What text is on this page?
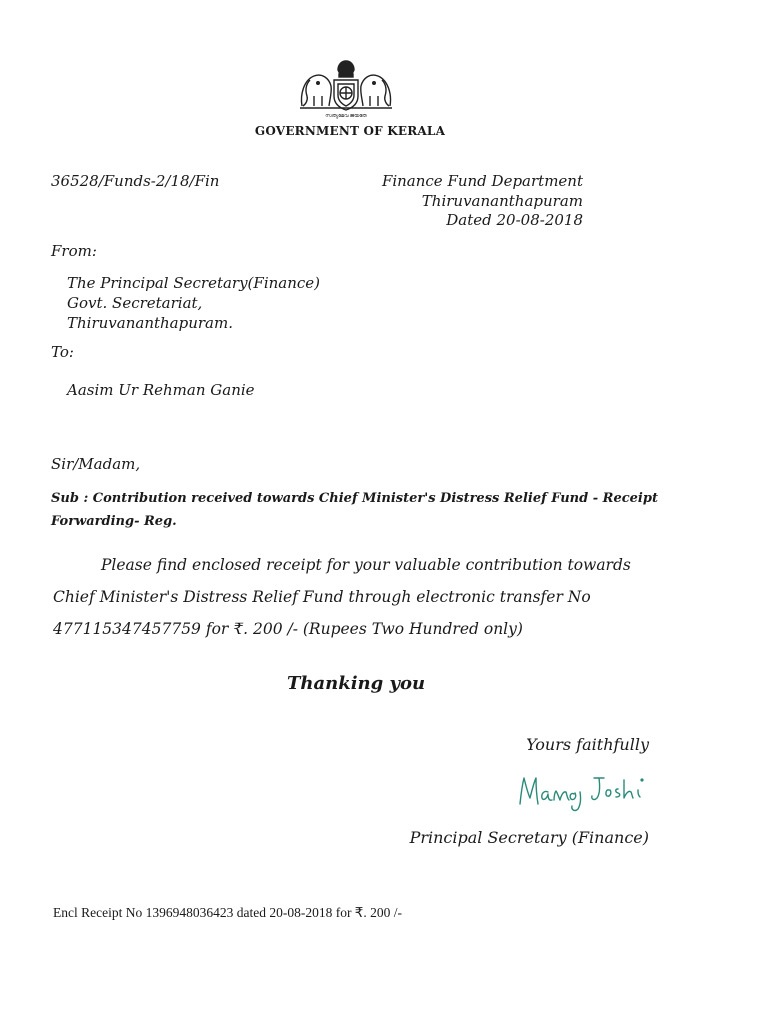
സത്യമേവ ജയതേ
GOVERNMENT OF KERALA
36528/Funds-2/18/Fin	Finance Fund Department
Thiruvananthapuram
Dated 20-08-2018
From:
The Principal Secretary(Finance)
Govt. Secretariat,
Thiruvananthapuram.
To:
Aasim Ur Rehman Ganie
Sir/Madam,
Sub : Contribution received towards Chief Minister's Distress Relief Fund - Receipt Forwarding- Reg.
Please find enclosed receipt for your valuable contribution towards Chief Minister's Distress Relief Fund through electronic transfer No 477115347457759 for ₹. 200 /- (Rupees Two Hundred only)
Thanking you
Yours faithfully
Principal Secretary (Finance)
Encl Receipt No 1396948036423 dated 20-08-2018 for ₹. 200 /-
